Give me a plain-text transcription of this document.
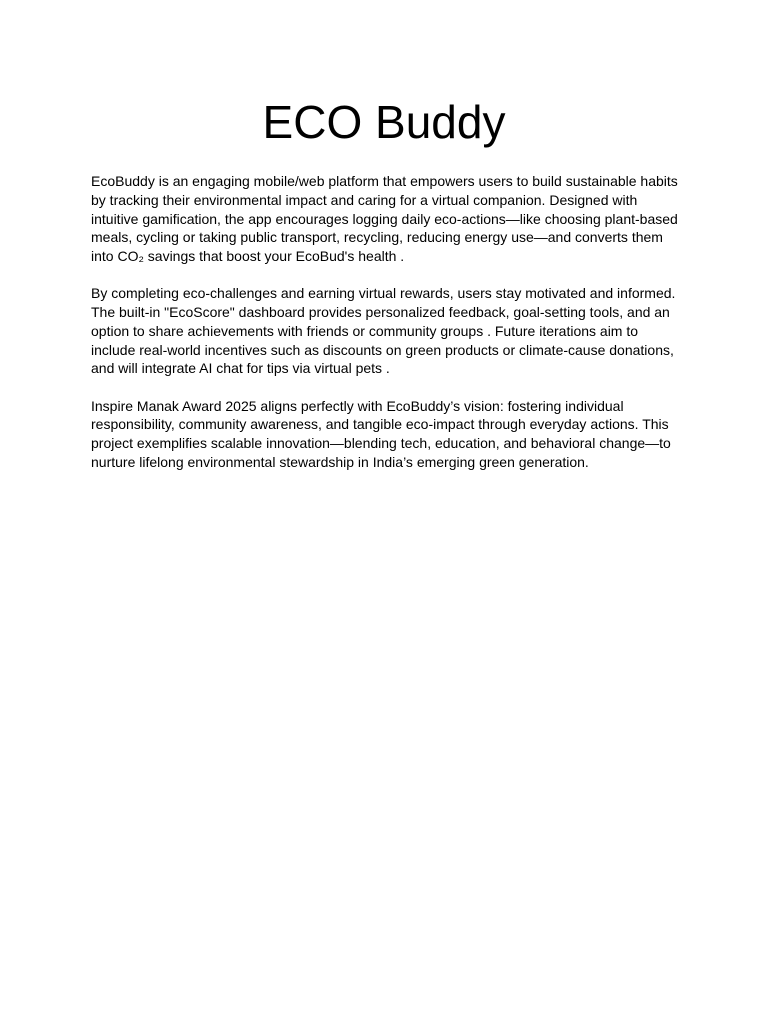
ECO Buddy

EcoBuddy is an engaging mobile/web platform that empowers users to build sustainable habits
by tracking their environmental impact and caring for a virtual companion. Designed with
intuitive gamification, the app encourages logging daily eco-actions—like choosing plant-based
meals, cycling or taking public transport, recycling, reducing energy use—and converts them
into CO₂ savings that boost your EcoBud's health .

By completing eco-challenges and earning virtual rewards, users stay motivated and informed.
The built-in "EcoScore" dashboard provides personalized feedback, goal-setting tools, and an
option to share achievements with friends or community groups . Future iterations aim to
include real-world incentives such as discounts on green products or climate-cause donations,
and will integrate AI chat for tips via virtual pets .

Inspire Manak Award 2025 aligns perfectly with EcoBuddy’s vision: fostering individual
responsibility, community awareness, and tangible eco-impact through everyday actions. This
project exemplifies scalable innovation—blending tech, education, and behavioral change—to
nurture lifelong environmental stewardship in India’s emerging green generation.
